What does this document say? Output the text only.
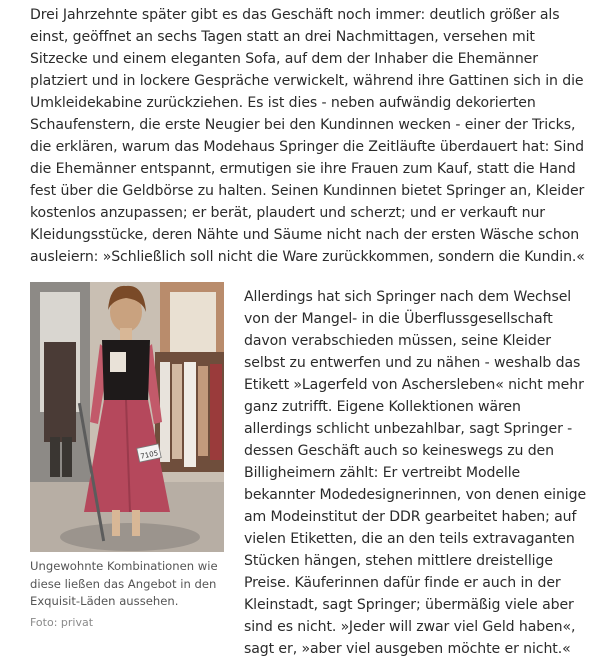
Drei Jahrzehnte später gibt es das Geschäft noch immer: deutlich größer als einst, geöffnet an sechs Tagen statt an drei Nachmittagen, versehen mit Sitzecke und einem eleganten Sofa, auf dem der Inhaber die Ehemänner platziert und in lockere Gespräche verwickelt, während ihre Gattinen sich in die Umkleidekabine zurückziehen. Es ist dies - neben aufwändig dekorierten Schaufenstern, die erste Neugier bei den Kundinnen wecken - einer der Tricks, die erklären, warum das Modehaus Springer die Zeitläufte überdauert hat: Sind die Ehemänner entspannt, ermutigen sie ihre Frauen zum Kauf, statt die Hand fest über die Geldbörse zu halten. Seinen Kundinnen bietet Springer an, Kleider kostenlos anzupassen; er berät, plaudert und scherzt; und er verkauft nur Kleidungsstücke, deren Nähte und Säume nicht nach der ersten Wäsche schon ausleiern: »Schließlich soll nicht die Ware zurückkommen, sondern die Kundin.«

7105

Ungewohnte Kombinationen wie diese ließen das Angebot in den Exquisit-Läden aussehen.

Foto: privat

Allerdings hat sich Springer nach dem Wechsel von der Mangel- in die Überflussgesellschaft davon verabschieden müssen, seine Kleider selbst zu entwerfen und zu nähen - weshalb das Etikett »Lagerfeld von Aschersleben« nicht mehr ganz zutrifft. Eigene Kollektionen wären allerdings schlicht unbezahlbar, sagt Springer - dessen Geschäft auch so keineswegs zu den Billigheimern zählt: Er vertreibt Modelle bekannter Modedesignerinnen, von denen einige am Modeinstitut der DDR gearbeitet haben; auf vielen Etiketten, die an den teils extravaganten Stücken hängen, stehen mittlere dreistellige Preise. Käuferinnen dafür finde er auch in der Kleinstadt, sagt Springer; übermäßig viele aber sind es nicht. »Jeder will zwar viel Geld haben«, sagt er, »aber viel ausgeben möchte er nicht.«
